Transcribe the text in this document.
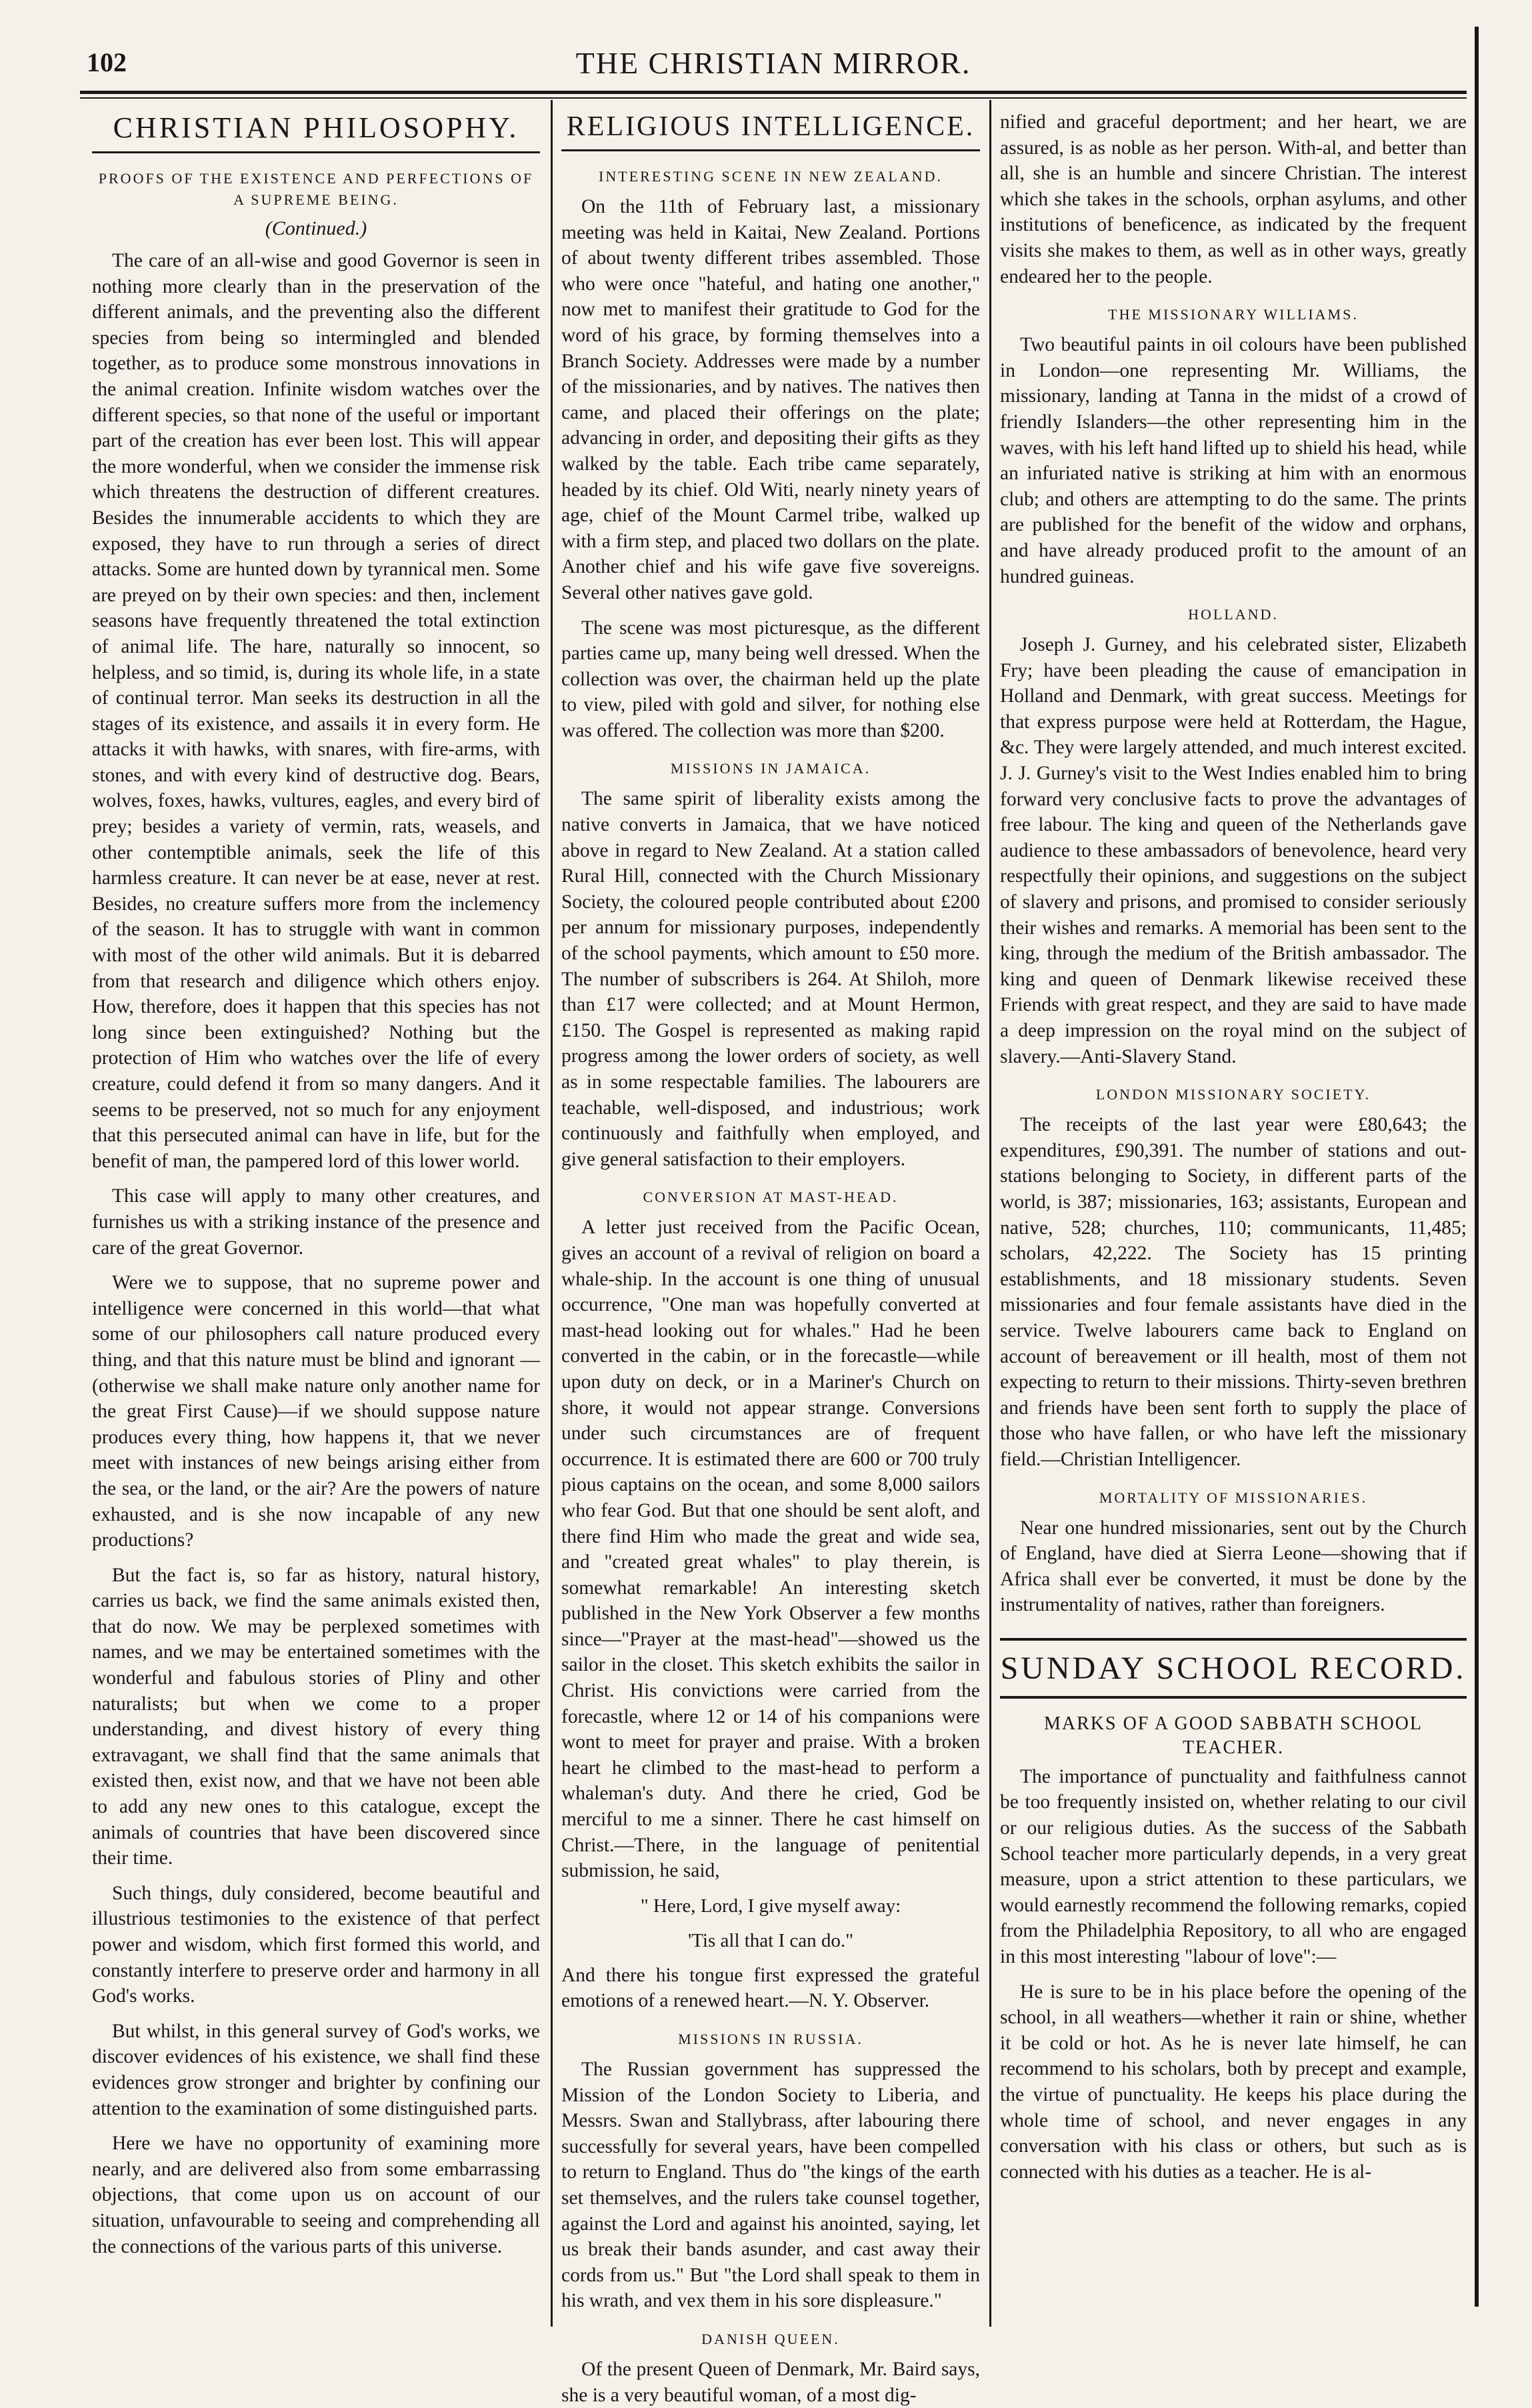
102	THE CHRISTIAN MIRROR.
CHRISTIAN PHILOSOPHY.
PROOFS OF THE EXISTENCE AND PERFECTIONS OF A SUPREME BEING.
(Continued.)

The care of an all-wise and good Governor is seen in nothing more clearly than in the preservation of the different animals, and the preventing also the different species from being so intermingled and blended together, as to produce some monstrous innovations in the animal creation. Infinite wisdom watches over the different species, so that none of the useful or important part of the creation has ever been lost. This will appear the more wonderful, when we consider the immense risk which threatens the destruction of different creatures. Besides the innumerable accidents to which they are exposed, they have to run through a series of direct attacks. Some are hunted down by tyrannical men. Some are preyed on by their own species: and then, inclement seasons have frequently threatened the total extinction of animal life. The hare, naturally so innocent, so helpless, and so timid, is, during its whole life, in a state of continual terror. Man seeks its destruction in all the stages of its existence, and assails it in every form. He attacks it with hawks, with snares, with fire-arms, with stones, and with every kind of destructive dog. Bears, wolves, foxes, hawks, vultures, eagles, and every bird of prey; besides a variety of vermin, rats, weasels, and other contemptible animals, seek the life of this harmless creature. It can never be at ease, never at rest. Besides, no creature suffers more from the inclemency of the season. It has to struggle with want in common with most of the other wild animals. But it is debarred from that research and diligence which others enjoy. How, therefore, does it happen that this species has not long since been extinguished? Nothing but the protection of Him who watches over the life of every creature, could defend it from so many dangers. And it seems to be preserved, not so much for any enjoyment that this persecuted animal can have in life, but for the benefit of man, the pampered lord of this lower world.

This case will apply to many other creatures, and furnishes us with a striking instance of the presence and care of the great Governor.

Were we to suppose, that no supreme power and intelligence were concerned in this world—that what some of our philosophers call nature produced every thing, and that this nature must be blind and ignorant —(otherwise we shall make nature only another name for the great First Cause)—if we should suppose nature produces every thing, how happens it, that we never meet with instances of new beings arising either from the sea, or the land, or the air? Are the powers of nature exhausted, and is she now incapable of any new productions?

But the fact is, so far as history, natural history, carries us back, we find the same animals existed then, that do now. We may be perplexed sometimes with names, and we may be entertained sometimes with the wonderful and fabulous stories of Pliny and other naturalists; but when we come to a proper understanding, and divest history of every thing extravagant, we shall find that the same animals that existed then, exist now, and that we have not been able to add any new ones to this catalogue, except the animals of countries that have been discovered since their time.

Such things, duly considered, become beautiful and illustrious testimonies to the existence of that perfect power and wisdom, which first formed this world, and constantly interfere to preserve order and harmony in all God's works.

But whilst, in this general survey of God's works, we discover evidences of his existence, we shall find these evidences grow stronger and brighter by confining our attention to the examination of some distinguished parts.

Here we have no opportunity of examining more nearly, and are delivered also from some embarrassing objections, that come upon us on account of our situation, unfavourable to seeing and comprehending all the connections of the various parts of this universe.

RELIGIOUS INTELLIGENCE.
INTERESTING SCENE IN NEW ZEALAND.

On the 11th of February last, a missionary meeting was held in Kaitai, New Zealand. Portions of about twenty different tribes assembled. Those who were once "hateful, and hating one another," now met to manifest their gratitude to God for the word of his grace, by forming themselves into a Branch Society. Addresses were made by a number of the missionaries, and by natives. The natives then came, and placed their offerings on the plate; advancing in order, and depositing their gifts as they walked by the table. Each tribe came separately, headed by its chief. Old Witi, nearly ninety years of age, chief of the Mount Carmel tribe, walked up with a firm step, and placed two dollars on the plate. Another chief and his wife gave five sovereigns. Several other natives gave gold.

The scene was most picturesque, as the different parties came up, many being well dressed. When the collection was over, the chairman held up the plate to view, piled with gold and silver, for nothing else was offered. The collection was more than $200.

MISSIONS IN JAMAICA.

The same spirit of liberality exists among the native converts in Jamaica, that we have noticed above in regard to New Zealand. At a station called Rural Hill, connected with the Church Missionary Society, the coloured people contributed about £200 per annum for missionary purposes, independently of the school payments, which amount to £50 more. The number of subscribers is 264. At Shiloh, more than £17 were collected; and at Mount Hermon, £150. The Gospel is represented as making rapid progress among the lower orders of society, as well as in some respectable families. The labourers are teachable, well-disposed, and industrious; work continuously and faithfully when employed, and give general satisfaction to their employers.

CONVERSION AT MAST-HEAD.

A letter just received from the Pacific Ocean, gives an account of a revival of religion on board a whale-ship. In the account is one thing of unusual occurrence, "One man was hopefully converted at mast-head looking out for whales." Had he been converted in the cabin, or in the forecastle—while upon duty on deck, or in a Mariner's Church on shore, it would not appear strange. Conversions under such circumstances are of frequent occurrence. It is estimated there are 600 or 700 truly pious captains on the ocean, and some 8,000 sailors who fear God. But that one should be sent aloft, and there find Him who made the great and wide sea, and "created great whales" to play therein, is somewhat remarkable! An interesting sketch published in the New York Observer a few months since—"Prayer at the mast-head"—showed us the sailor in the closet. This sketch exhibits the sailor in Christ. His convictions were carried from the forecastle, where 12 or 14 of his companions were wont to meet for prayer and praise. With a broken heart he climbed to the mast-head to perform a whaleman's duty. And there he cried, God be merciful to me a sinner. There he cast himself on Christ.—There, in the language of penitential submission, he said,

" Here, Lord, I give myself away:
'Tis all that I can do."

And there his tongue first expressed the grateful emotions of a renewed heart.—N. Y. Observer.

MISSIONS IN RUSSIA.

The Russian government has suppressed the Mission of the London Society to Liberia, and Messrs. Swan and Stallybrass, after labouring there successfully for several years, have been compelled to return to England. Thus do "the kings of the earth set themselves, and the rulers take counsel together, against the Lord and against his anointed, saying, let us break their bands asunder, and cast away their cords from us." But "the Lord shall speak to them in his wrath, and vex them in his sore displeasure."

DANISH QUEEN.

Of the present Queen of Denmark, Mr. Baird says, she is a very beautiful woman, of a most dig-

nified and graceful deportment; and her heart, we are assured, is as noble as her person. With-al, and better than all, she is an humble and sincere Christian. The interest which she takes in the schools, orphan asylums, and other institutions of beneficence, as indicated by the frequent visits she makes to them, as well as in other ways, greatly endeared her to the people.

THE MISSIONARY WILLIAMS.

Two beautiful paints in oil colours have been published in London—one representing Mr. Williams, the missionary, landing at Tanna in the midst of a crowd of friendly Islanders—the other representing him in the waves, with his left hand lifted up to shield his head, while an infuriated native is striking at him with an enormous club; and others are attempting to do the same. The prints are published for the benefit of the widow and orphans, and have already produced profit to the amount of an hundred guineas.

HOLLAND.

Joseph J. Gurney, and his celebrated sister, Elizabeth Fry; have been pleading the cause of emancipation in Holland and Denmark, with great success. Meetings for that express purpose were held at Rotterdam, the Hague, &c. They were largely attended, and much interest excited. J. J. Gurney's visit to the West Indies enabled him to bring forward very conclusive facts to prove the advantages of free labour. The king and queen of the Netherlands gave audience to these ambassadors of benevolence, heard very respectfully their opinions, and suggestions on the subject of slavery and prisons, and promised to consider seriously their wishes and remarks. A memorial has been sent to the king, through the medium of the British ambassador. The king and queen of Denmark likewise received these Friends with great respect, and they are said to have made a deep impression on the royal mind on the subject of slavery.—Anti-Slavery Stand.

LONDON MISSIONARY SOCIETY.

The receipts of the last year were £80,643; the expenditures, £90,391. The number of stations and out-stations belonging to Society, in different parts of the world, is 387; missionaries, 163; assistants, European and native, 528; churches, 110; communicants, 11,485; scholars, 42,222. The Society has 15 printing establishments, and 18 missionary students. Seven missionaries and four female assistants have died in the service. Twelve labourers came back to England on account of bereavement or ill health, most of them not expecting to return to their missions. Thirty-seven brethren and friends have been sent forth to supply the place of those who have fallen, or who have left the missionary field.—Christian Intelligencer.

MORTALITY OF MISSIONARIES.

Near one hundred missionaries, sent out by the Church of England, have died at Sierra Leone—showing that if Africa shall ever be converted, it must be done by the instrumentality of natives, rather than foreigners.

SUNDAY SCHOOL RECORD.
MARKS OF A GOOD SABBATH SCHOOL TEACHER.

The importance of punctuality and faithfulness cannot be too frequently insisted on, whether relating to our civil or our religious duties. As the success of the Sabbath School teacher more particularly depends, in a very great measure, upon a strict attention to these particulars, we would earnestly recommend the following remarks, copied from the Philadelphia Repository, to all who are engaged in this most interesting "labour of love":—

He is sure to be in his place before the opening of the school, in all weathers—whether it rain or shine, whether it be cold or hot. As he is never late himself, he can recommend to his scholars, both by precept and example, the virtue of punctuality. He keeps his place during the whole time of school, and never engages in any conversation with his class or others, but such as is connected with his duties as a teacher. He is al-
